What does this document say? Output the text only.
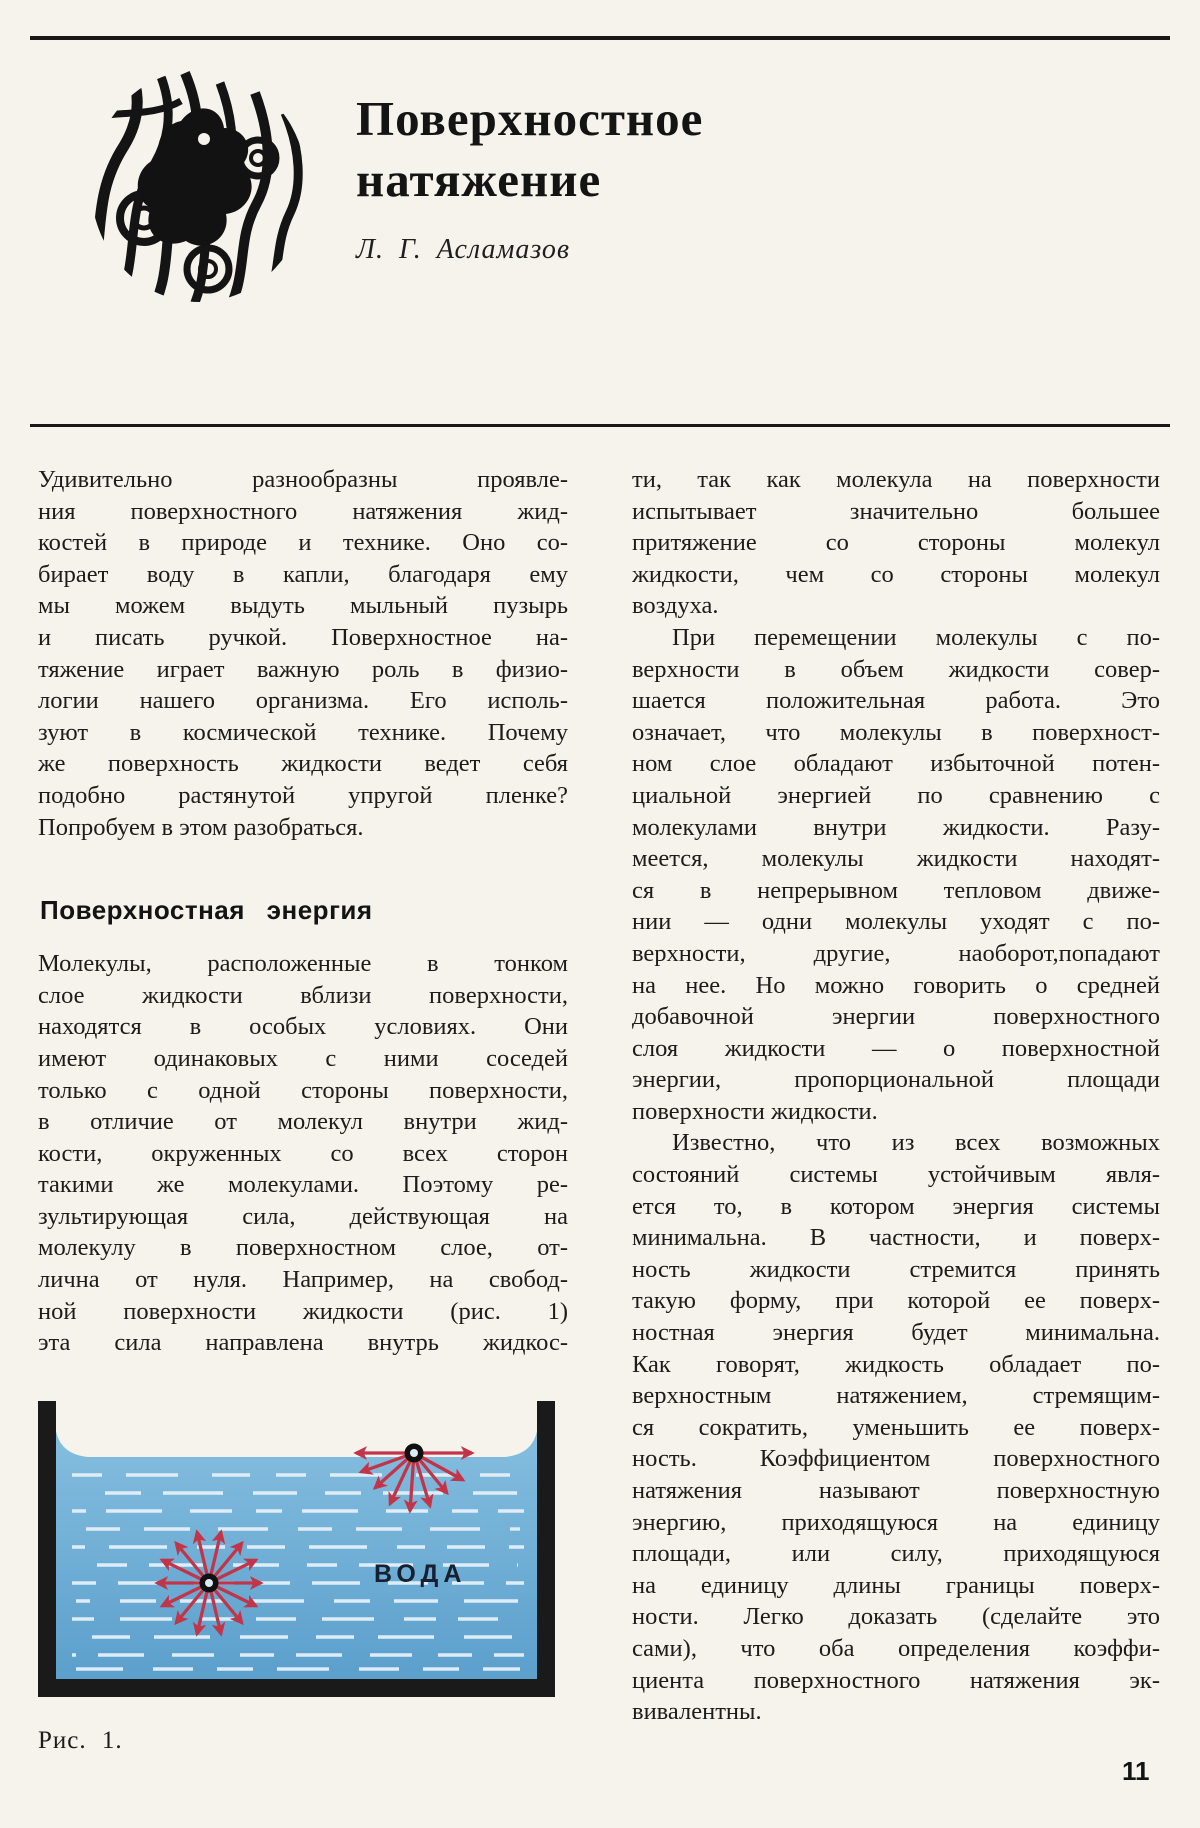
Поверхностное
натяжение
Л. Г. Асламазов
Удивительно разнообразны проявле-
ния поверхностного натяжения жид-
костей в природе и технике. Оно со-
бирает воду в капли, благодаря ему
мы можем выдуть мыльный пузырь
и писать ручкой. Поверхностное на-
тяжение играет важную роль в физио-
логии нашего организма. Его исполь-
зуют в космической технике. Почему
же поверхность жидкости ведет себя
подобно растянутой упругой пленке?
Попробуем в этом разобраться.
Поверхностная энергия
Молекулы, расположенные в тонком
слое жидкости вблизи поверхности,
находятся в особых условиях. Они
имеют одинаковых с ними соседей
только с одной стороны поверхности,
в отличие от молекул внутри жид-
кости, окруженных со всех сторон
такими же молекулами. Поэтому ре-
зультирующая сила, действующая на
молекулу в поверхностном слое, от-
лична от нуля. Например, на свобод-
ной поверхности жидкости (рис. 1)
эта сила направлена внутрь жидкос-
ВОДА
Рис. 1.
ти, так как молекула на поверхности
испытывает значительно большее
притяжение со стороны молекул
жидкости, чем со стороны молекул
воздуха.
При перемещении молекулы с по-
верхности в объем жидкости совер-
шается положительная работа. Это
означает, что молекулы в поверхност-
ном слое обладают избыточной потен-
циальной энергией по сравнению с
молекулами внутри жидкости. Разу-
меется, молекулы жидкости находят-
ся в непрерывном тепловом движе-
нии — одни молекулы уходят с по-
верхности, другие, наоборот,попадают
на нее. Но можно говорить о средней
добавочной энергии поверхностного
слоя жидкости — о поверхностной
энергии, пропорциональной площади
поверхности жидкости.
Известно, что из всех возможных
состояний системы устойчивым явля-
ется то, в котором энергия системы
минимальна. В частности, и поверх-
ность жидкости стремится принять
такую форму, при которой ее поверх-
ностная энергия будет минимальна.
Как говорят, жидкость обладает по-
верхностным натяжением, стремящим-
ся сократить, уменьшить ее поверх-
ность. Коэффициентом поверхностного
натяжения называют поверхностную
энергию, приходящуюся на единицу
площади, или силу, приходящуюся
на единицу длины границы поверх-
ности. Легко доказать (сделайте это
сами), что оба определения коэффи-
циента поверхностного натяжения эк-
вивалентны.
11
